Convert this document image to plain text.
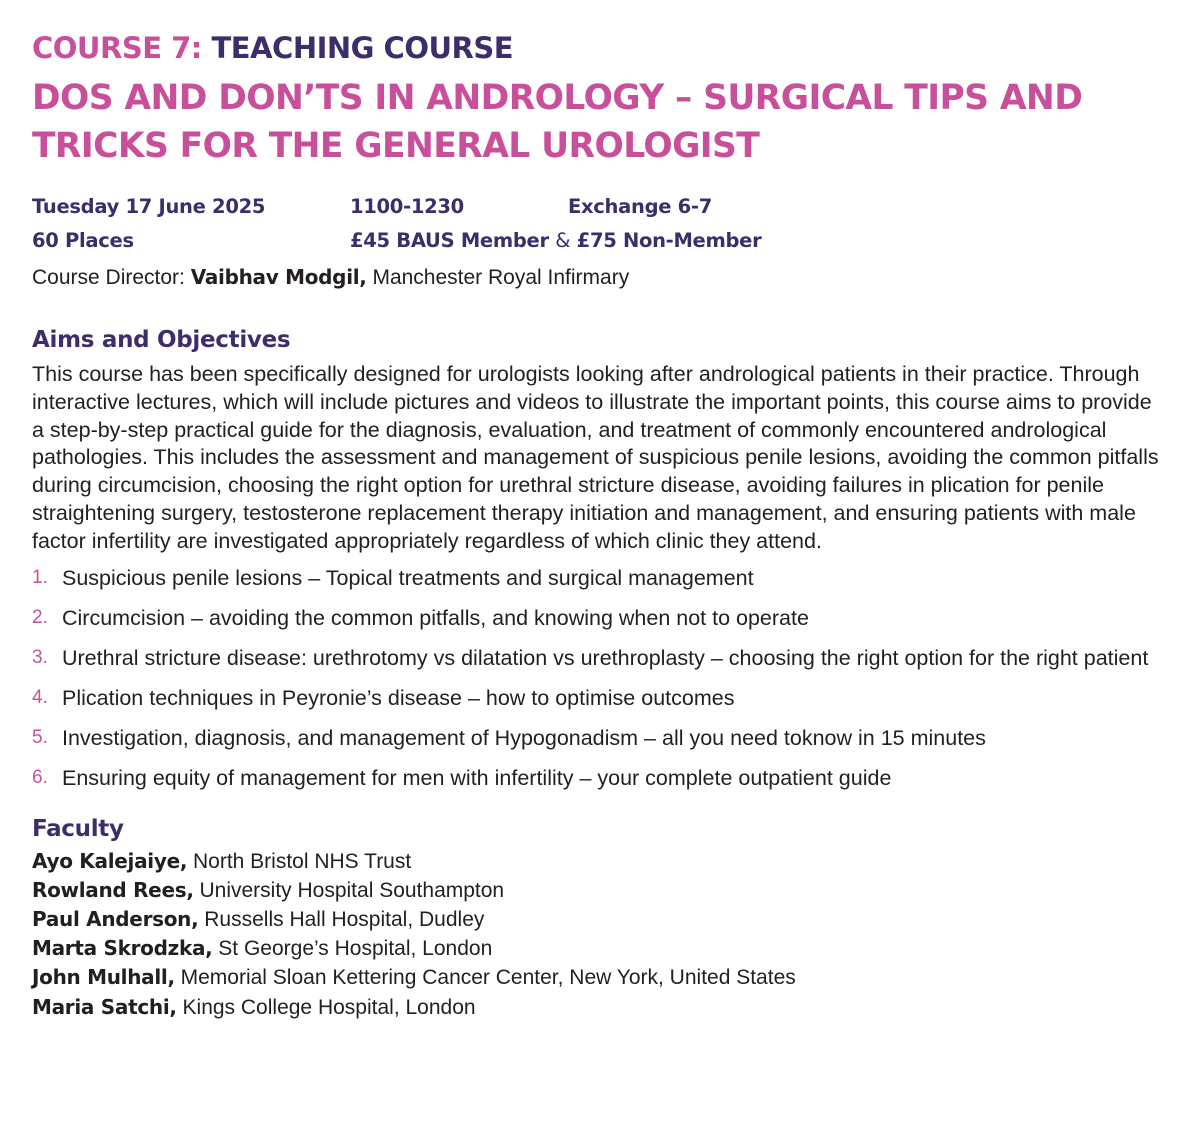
COURSE 7: TEACHING COURSE
DOS AND DON’TS IN ANDROLOGY – SURGICAL TIPS AND TRICKS FOR THE GENERAL UROLOGIST
Tuesday 17 June 2025	1100-1230	Exchange 6-7
60 Places	£45 BAUS Member & £75 Non-Member
Course Director: Vaibhav Modgil, Manchester Royal Infirmary
Aims and Objectives

This course has been specifically designed for urologists looking after andrological patients in their practice. Through interactive lectures, which will include pictures and videos to illustrate the important points, this course aims to provide a step-by-step practical guide for the diagnosis, evaluation, and treatment of commonly encountered andrological pathologies. This includes the assessment and management of suspicious penile lesions, avoiding the common pitfalls during circumcision, choosing the right option for urethral stricture disease, avoiding failures in plication for penile straightening surgery, testosterone replacement therapy initiation and management, and ensuring patients with male factor infertility are investigated appropriately regardless of which clinic they attend.

1. Suspicious penile lesions – Topical treatments and surgical management
2. Circumcision – avoiding the common pitfalls, and knowing when not to operate
3. Urethral stricture disease: urethrotomy vs dilatation vs urethroplasty – choosing the right option for the right patient
4. Plication techniques in Peyronie’s disease – how to optimise outcomes
5. Investigation, diagnosis, and management of Hypogonadism – all you need toknow in 15 minutes
6. Ensuring equity of management for men with infertility – your complete outpatient guide
Faculty
Ayo Kalejaiye, North Bristol NHS Trust
Rowland Rees, University Hospital Southampton
Paul Anderson, Russells Hall Hospital, Dudley
Marta Skrodzka, St George’s Hospital, London
John Mulhall, Memorial Sloan Kettering Cancer Center, New York, United States
Maria Satchi, Kings College Hospital, London
